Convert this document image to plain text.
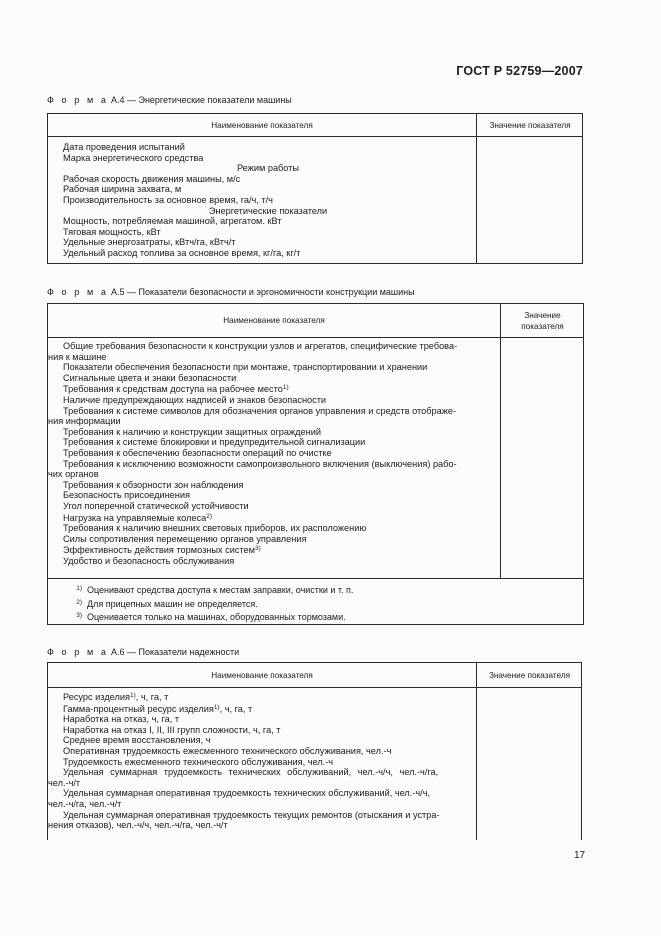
ГОСТ Р 52759—2007
Ф о р м а А.4 — Энергетические показатели машины
Наименование показателя	Значение показателя
Дата проведения испытаний
Марка энергетического средства
Режим работы
Рабочая скорость движения машины, м/с
Рабочая ширина захвата, м
Производительность за основное время, га/ч, т/ч
Энергетические показатели
Мощность, потребляемая машиной, агрегатом. кВт
Тяговая мощность, кВт
Удельные энергозатраты, кВтч/га, кВтч/т
Удельный расход топлива за основное время, кг/га, кг/т
Ф о р м а А.5 — Показатели безопасности и эргономичности конструкции машины
Наименование показателя
Значение
показателя
Общие требования безопасности к конструкции узлов и агрегатов, специфические требова-
ния к машине
Показатели обеспечения безопасности при монтаже, транспортировании и хранении
Сигнальные цвета и знаки безопасности
Требования к средствам доступа на рабочее место$^{1)}$
Наличие предупреждающих надписей и знаков безопасности
Требования к системе символов для обозначения органов управления и средств отображе-
ния информации
Требования к наличию и конструкции защитных ограждений
Требования к системе блокировки и предупредительной сигнализации
Требования к обеспечению безопасности операций по очистке
Требования к исключению возможности самопроизвольного включения (выключения) рабо-
чих органов
Требования к обзорности зон наблюдения
Безопасность присоединения
Угол поперечной статической устойчивости
Нагрузка на управляемые колеса$^{2)}$
Требования к наличию внешних световых приборов, их расположению
Силы сопротивления перемещению органов управления
Эффективность действия тормозных систем$^{3)}$
Удобство и безопасность обслуживания
$^{1)}$ Оценивают средства доступа к местам заправки, очистки и т. п.
$^{2)}$ Для прицепных машин не определяется.
$^{3)}$ Оценивается только на машинах, оборудованных тормозами.
Ф о р м а А.6 — Показатели надежности
Наименование показателя	Значение показателя
Ресурс изделия$^{1)}$, ч, га, т
Гамма-процентный ресурс изделия$^{1)}$, ч, га, т
Наработка на отказ, ч, га, т
Наработка на отказ I, II, III групп сложности, ч, га, т
Среднее время восстановления, ч
Оперативная трудоемкость ежесменного технического обслуживания, чел.-ч
Трудоемкость ежесменного технического обслуживания, чел.-ч
Удельная суммарная трудоемкость технических обслуживаний, чел.-ч/ч, чел.-ч/га,
чел.-ч/т
Удельная суммарная оперативная трудоемкость технических обслуживаний, чел.-ч/ч,
чел.-ч/га, чел.-ч/т
Удельная суммарная оперативная трудоемкость текущих ремонтов (отыскания и устра-
нения отказов), чел.-ч/ч, чел.-ч/га, чел.-ч/т
17
